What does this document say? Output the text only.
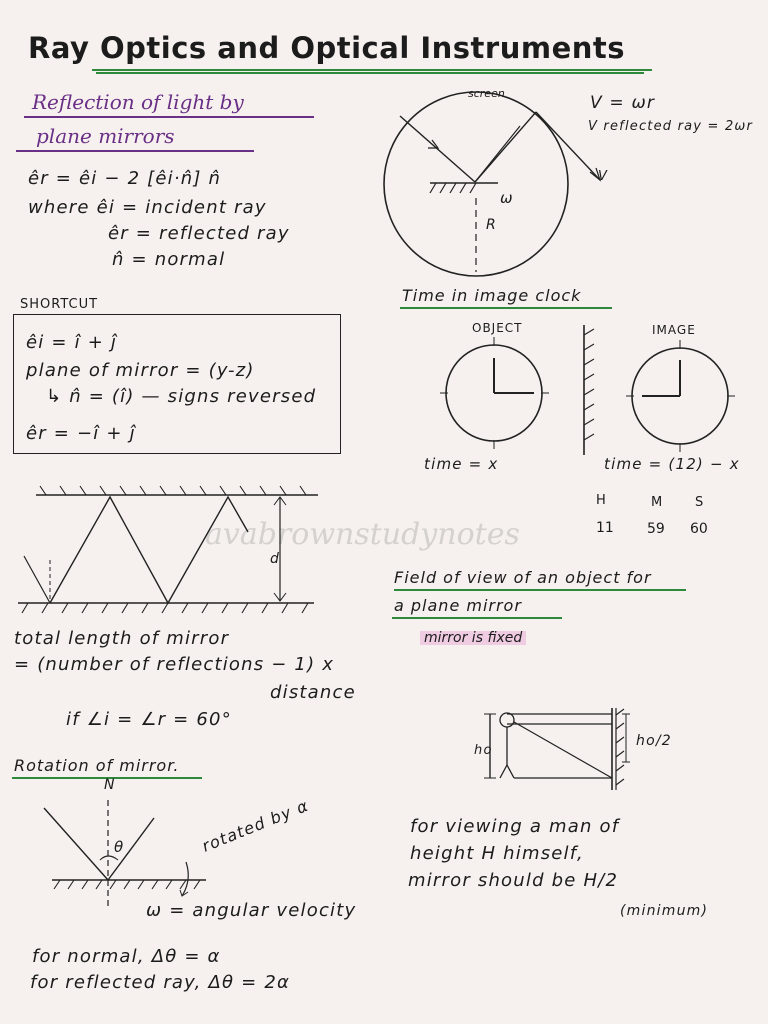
avabrownstudynotes
Ray Optics and Optical Instruments
Reflection of light by
plane mirrors
êr = êi − 2 [êi·n̂] n̂
where êi = incident ray
êr = reflected ray
n̂ = normal
SHORTCUT
êi = î + ĵ
plane of mirror = (y-z)
↳ n̂ = (î) — signs reversed
êr = −î + ĵ
screen
ω
R
V = ωr
V reflected ray = 2ωr
V
Time in image clock
OBJECT	IMAGE
time = x	time = (12) − x
H	M	S
11 59 60
d
total length of mirror
= (number of reflections − 1) x
distance
if ∠i = ∠r = 60°
Field of view of an object for
a plane mirror
mirror is fixed
ho
ho/2
for viewing a man of
height H himself,
mirror should be H/2
(minimum)
Rotation of mirror.
N
θ	rotated by α
ω = angular velocity
for normal, Δθ = α
for reflected ray, Δθ = 2α
